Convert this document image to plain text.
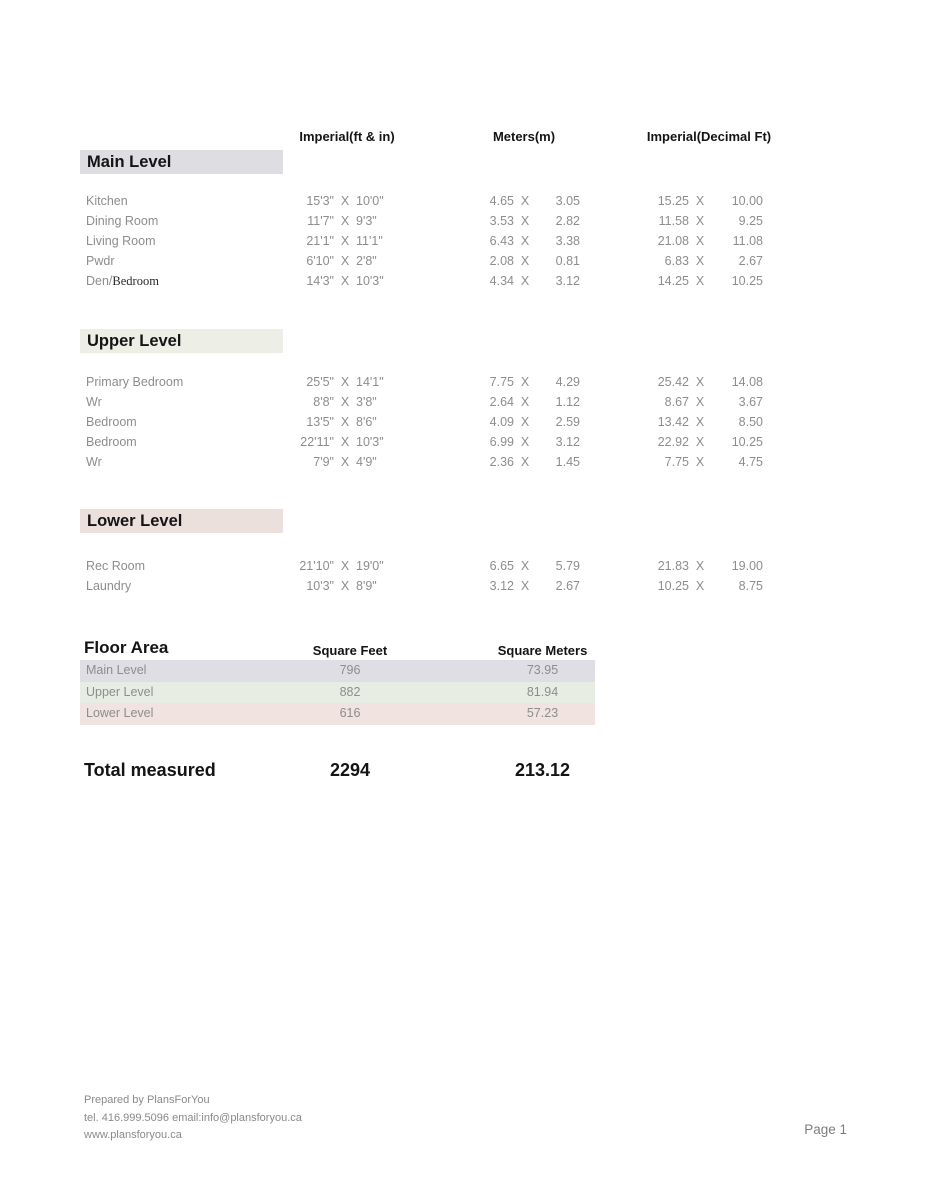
Imperial(ft & in)	Meters(m)	Imperial(Decimal Ft)
Main Level
Kitchen	15'3" X 10'0"	4.65 X	3.05	15.25 X	10.00
Dining Room	11'7" X 9'3"	3.53 X	2.82	11.58 X	9.25
Living Room	21'1" X 11'1"	6.43 X	3.38	21.08 X	11.08
Pwdr	6'10" X 2'8"	2.08 X	0.81	6.83 X	2.67
Den/Bedroom	14'3" X 10'3"	4.34 X	3.12	14.25 X	10.25
Upper Level
Primary Bedroom	25'5" X 14'1"	7.75 X	4.29	25.42 X	14.08
Wr	8'8" X 3'8"	2.64 X	1.12	8.67 X	3.67
Bedroom	13'5" X 8'6"	4.09 X	2.59	13.42 X	8.50
Bedroom	22'11" X 10'3"	6.99 X	3.12	22.92 X	10.25
Wr	7'9" X 4'9"	2.36 X	1.45	7.75 X	4.75
Lower Level
Rec Room	21'10" X 19'0"	6.65 X	5.79	21.83 X	19.00
Laundry	10'3" X 8'9"	3.12 X	2.67	10.25 X	8.75
Floor Area	Square Feet	Square Meters
Main Level	796	73.95
Upper Level	882	81.94
Lower Level	616	57.23
Total measured	2294	213.12
Prepared by PlansForYou
tel. 416.999.5096 email:info@plansforyou.ca
www.plansforyou.ca	Page 1
